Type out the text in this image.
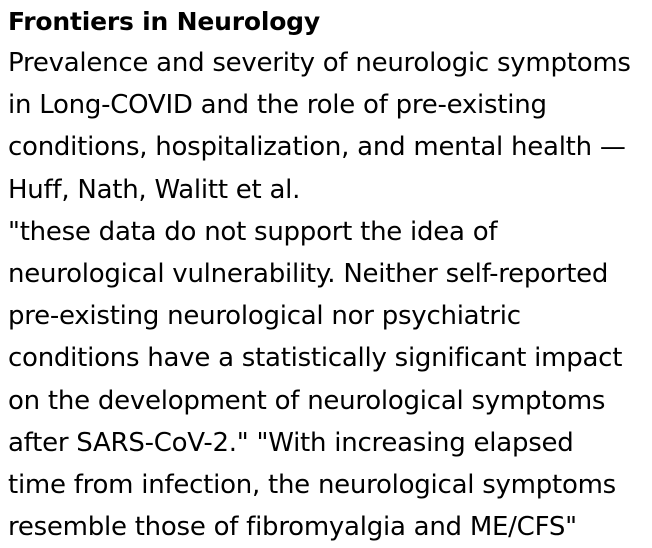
Frontiers in Neurology

Prevalence and severity of neurologic symptoms
in Long-COVID and the role of pre-existing
conditions, hospitalization, and mental health —
Huff, Nath, Walitt et al.
"these data do not support the idea of
neurological vulnerability. Neither self-reported
pre-existing neurological nor psychiatric
conditions have a statistically significant impact
on the development of neurological symptoms
after SARS-CoV-2." "With increasing elapsed
time from infection, the neurological symptoms
resemble those of fibromyalgia and ME/CFS"
